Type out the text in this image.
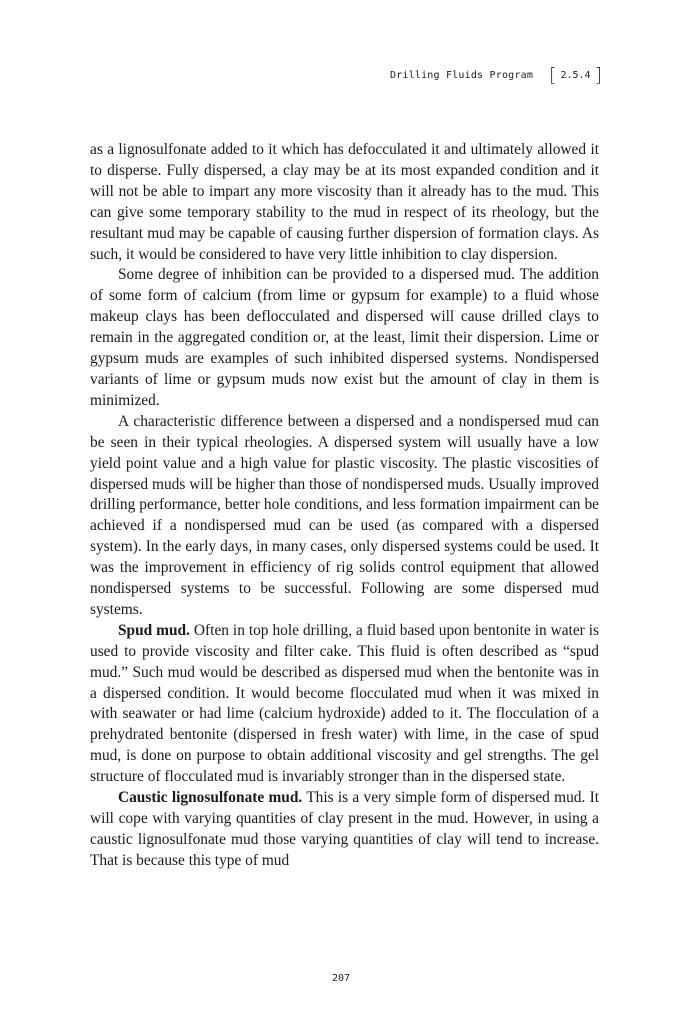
Drilling Fluids Program [ 2.5.4 ]

as a lignosulfonate added to it which has defocculated it and ultimately allowed it to disperse. Fully dispersed, a clay may be at its most expanded condition and it will not be able to impart any more viscosity than it already has to the mud. This can give some temporary stability to the mud in respect of its rheology, but the resultant mud may be capable of causing further dispersion of formation clays. As such, it would be considered to have very little inhibition to clay dispersion.

Some degree of inhibition can be provided to a dispersed mud. The addition of some form of calcium (from lime or gypsum for example) to a fluid whose makeup clays has been deflocculated and dispersed will cause drilled clays to remain in the aggregated condition or, at the least, limit their dispersion. Lime or gypsum muds are examples of such inhibited dispersed systems. Nondispersed variants of lime or gypsum muds now exist but the amount of clay in them is minimized.

A characteristic difference between a dispersed and a nondispersed mud can be seen in their typical rheologies. A dispersed system will usually have a low yield point value and a high value for plastic viscosity. The plastic viscosities of dispersed muds will be higher than those of nondispersed muds. Usually improved drilling performance, better hole conditions, and less formation impairment can be achieved if a nondispersed mud can be used (as compared with a dispersed system). In the early days, in many cases, only dispersed systems could be used. It was the improvement in efficiency of rig solids control equipment that allowed nondispersed systems to be successful. Following are some dispersed mud systems.

Spud mud. Often in top hole drilling, a fluid based upon bentonite in water is used to provide viscosity and filter cake. This fluid is often described as “spud mud.” Such mud would be described as dispersed mud when the bentonite was in a dispersed condition. It would become flocculated mud when it was mixed in with seawater or had lime (calcium hydroxide) added to it. The flocculation of a prehydrated bentonite (dispersed in fresh water) with lime, in the case of spud mud, is done on purpose to obtain additional viscosity and gel strengths. The gel structure of flocculated mud is invariably stronger than in the dispersed state.

Caustic lignosulfonate mud. This is a very simple form of dispersed mud. It will cope with varying quantities of clay present in the mud. However, in using a caustic lignosulfonate mud those varying quantities of clay will tend to increase. That is because this type of mud

207
